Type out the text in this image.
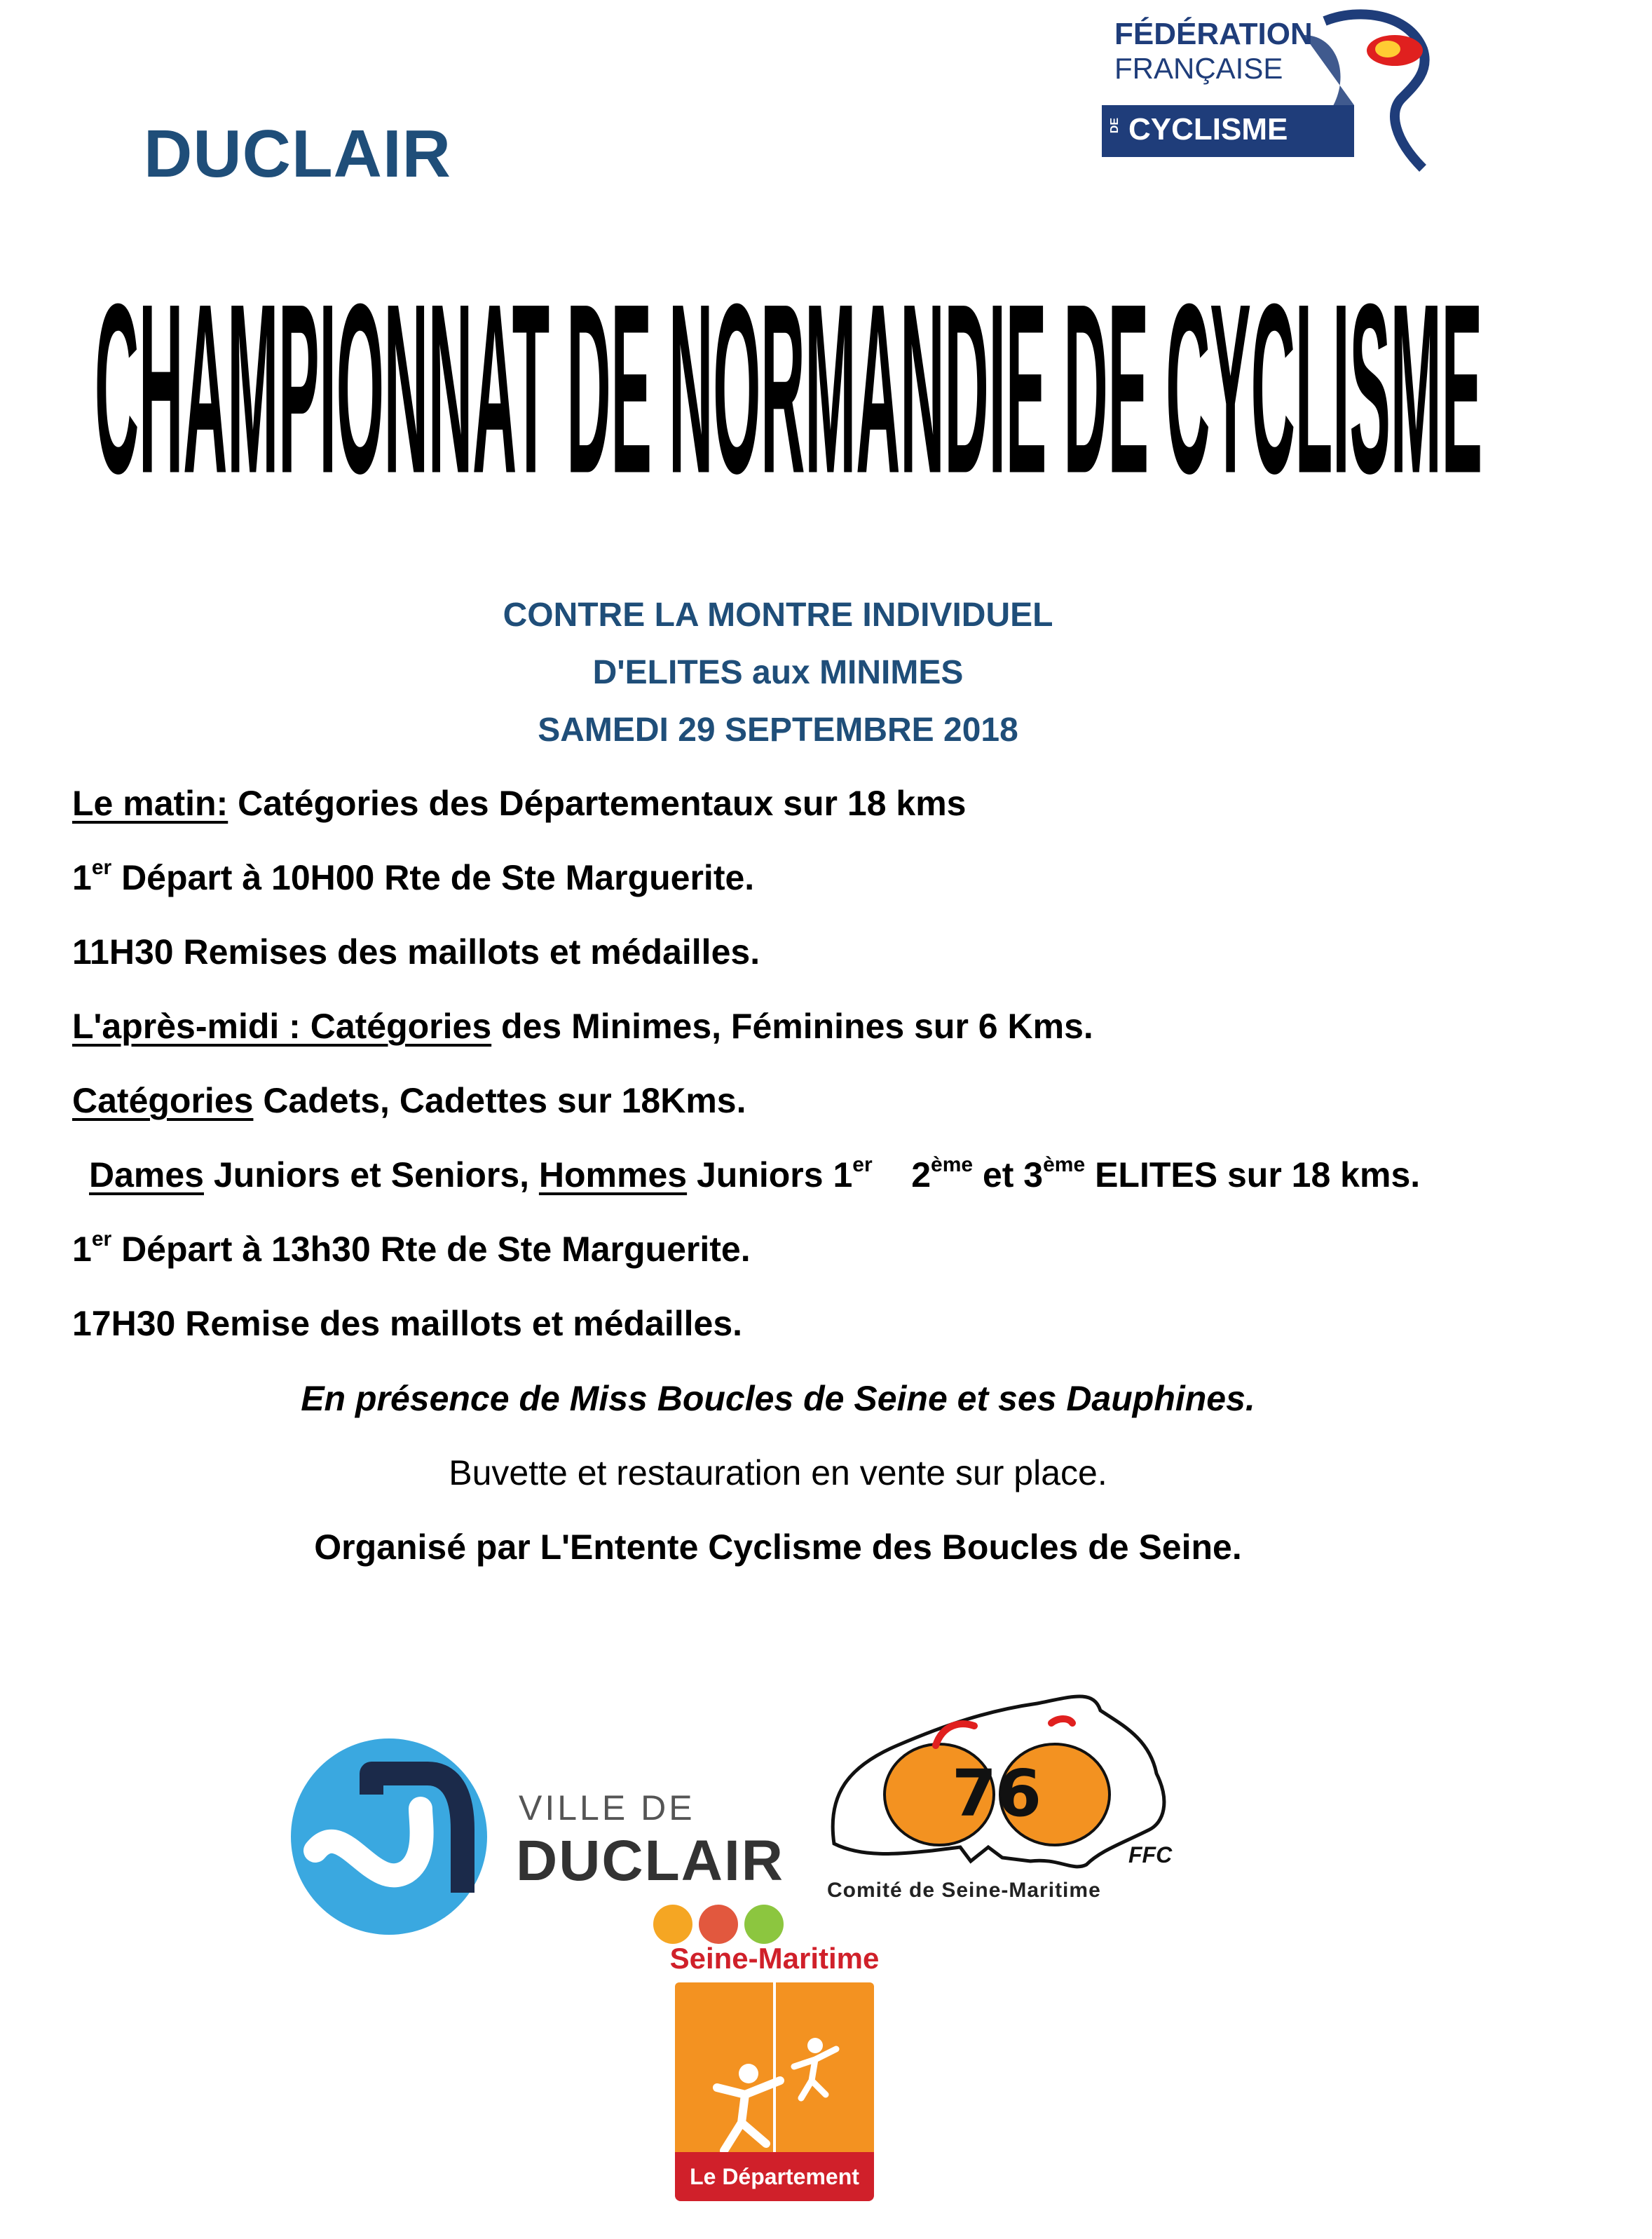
DUCLAIR
FÉDÉRATION
FRANÇAISE
DE CYCLISME
CHAMPIONNAT DE NORMANDIE DE CYCLISME
CONTRE LA MONTRE INDIVIDUEL
D'ELITES aux MINIMES
SAMEDI 29 SEPTEMBRE 2018
Le matin: Catégories des Départementaux sur 18 kms
1er Départ à 10H00 Rte de Ste Marguerite.
11H30 Remises des maillots et médailles.
L'après-midi : Catégories des Minimes, Féminines sur 6 Kms.
Catégories Cadets, Cadettes sur 18Kms.
Dames Juniors et Seniors, Hommes Juniors 1er    2ème et 3ème ELITES sur 18 kms.
1er Départ à 13h30 Rte de Ste Marguerite.
17H30 Remise des maillots et médailles.
En présence de Miss Boucles de Seine et ses Dauphines.
Buvette et restauration en vente sur place.
Organisé par L'Entente Cyclisme des Boucles de Seine.
VILLE DE
DUCLAIR
76
FFC
Comité de Seine-Maritime
Seine-Maritime
Le Département
